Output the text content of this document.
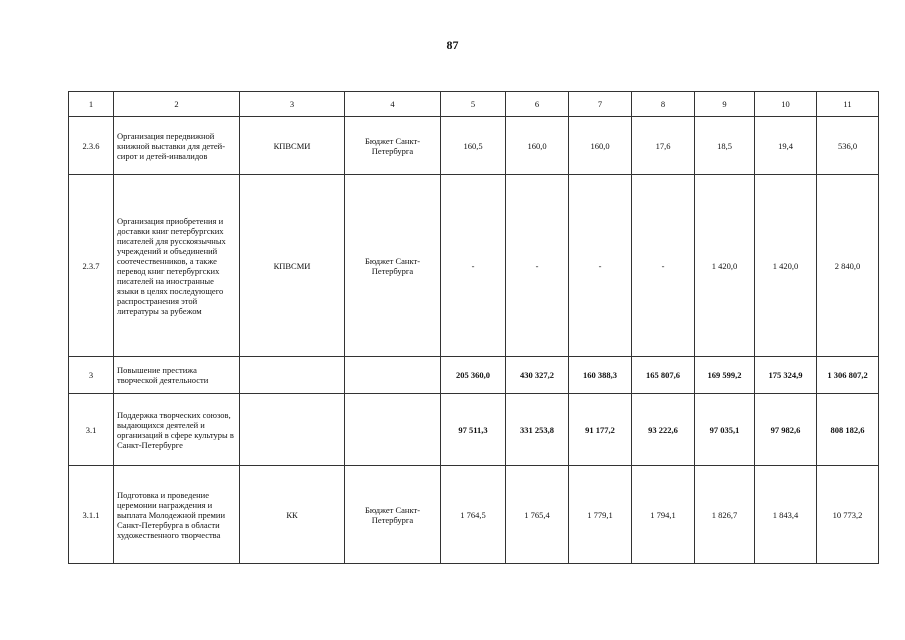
87
1	2	3	4	5	6	7	8	9	10	11
2.3.6	Организация передвижной книжной выставки для детей-сирот и детей-инвалидов	КПВСМИ	Бюджет Санкт-Петербурга	160,5	160,0	160,0	17,6	18,5	19,4	536,0
2.3.7	Организация приобретения и доставки книг петербургских писателей для русскоязычных учреждений и объединений соотечественников, а также перевод книг петербургских писателей на иностранные языки в целях последующего распространения этой литературы за рубежом	КПВСМИ	Бюджет Санкт-Петербурга	-	-	-	-	1 420,0	1 420,0	2 840,0
3	Повышение престижа творческой деятельности			205 360,0	430 327,2	160 388,3	165 807,6	169 599,2	175 324,9	1 306 807,2
3.1	Поддержка творческих союзов, выдающихся деятелей и организаций в сфере культуры в Санкт-Петербурге			97 511,3	331 253,8	91 177,2	93 222,6	97 035,1	97 982,6	808 182,6
3.1.1	Подготовка и проведение церемонии награждения и выплата Молодежной премии Санкт-Петербурга в области художественного творчества	КК	Бюджет Санкт-Петербурга	1 764,5	1 765,4	1 779,1	1 794,1	1 826,7	1 843,4	10 773,2
